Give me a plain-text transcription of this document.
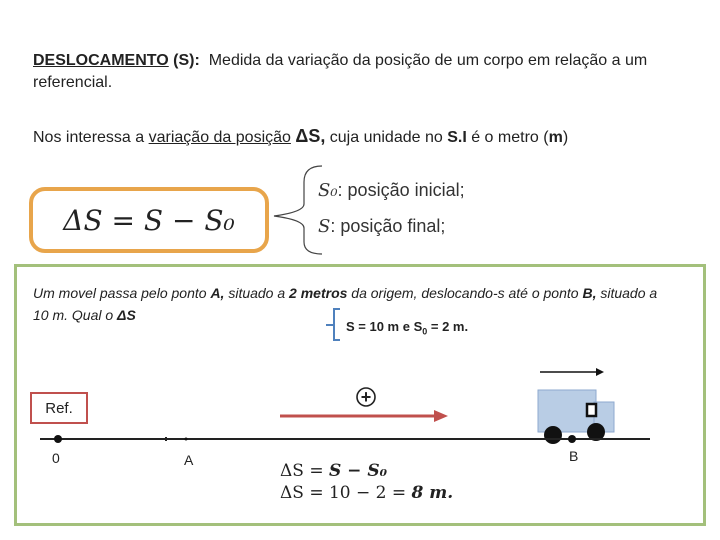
DESLOCAMENTO (S): Medida da variação da posição de um corpo em relação a um referencial.
Nos interessa a variação da posição ΔS, cuja unidade no S.I é o metro (m)
ΔS = S − S₀
S₀: posição inicial;
S: posição final;
Um movel passa pelo ponto A, situado a 2 metros da origem, deslocando-s até o ponto B, situado a 10 m. Qual o ΔS
S = 10 m e $S_0 = 2$ m.
+
Ref.
0	A	B
ΔS = S − S₀
ΔS = 10 − 2 = 8 m.
